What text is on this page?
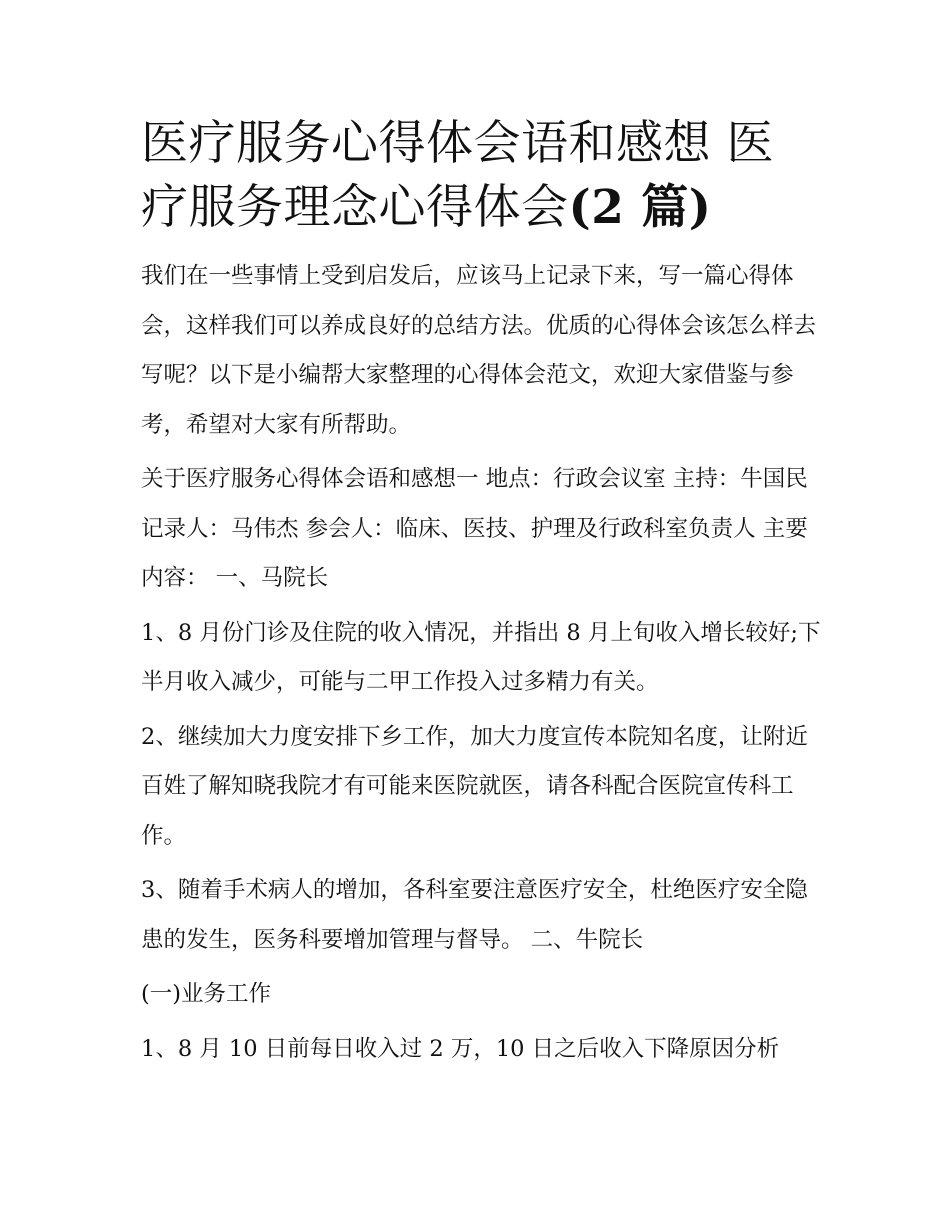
医疗服务心得体会语和感想 医疗服务理念心得体会(2 篇)

我们在一些事情上受到启发后，应该马上记录下来，写一篇心得体会，这样我们可以养成良好的总结方法。优质的心得体会该怎么样去写呢？以下是小编帮大家整理的心得体会范文，欢迎大家借鉴与参考，希望对大家有所帮助。

关于医疗服务心得体会语和感想一 地点：行政会议室 主持：牛国民 记录人：马伟杰 参会人：临床、医技、护理及行政科室负责人 主要内容： 一、马院长

1、8 月份门诊及住院的收入情况，并指出 8 月上旬收入增长较好;下半月收入减少，可能与二甲工作投入过多精力有关。

2、继续加大力度安排下乡工作，加大力度宣传本院知名度，让附近百姓了解知晓我院才有可能来医院就医，请各科配合医院宣传科工作。

3、随着手术病人的增加，各科室要注意医疗安全，杜绝医疗安全隐患的发生，医务科要增加管理与督导。 二、牛院长

(一)业务工作

1、8 月 10 日前每日收入过 2 万，10 日之后收入下降原因分析
